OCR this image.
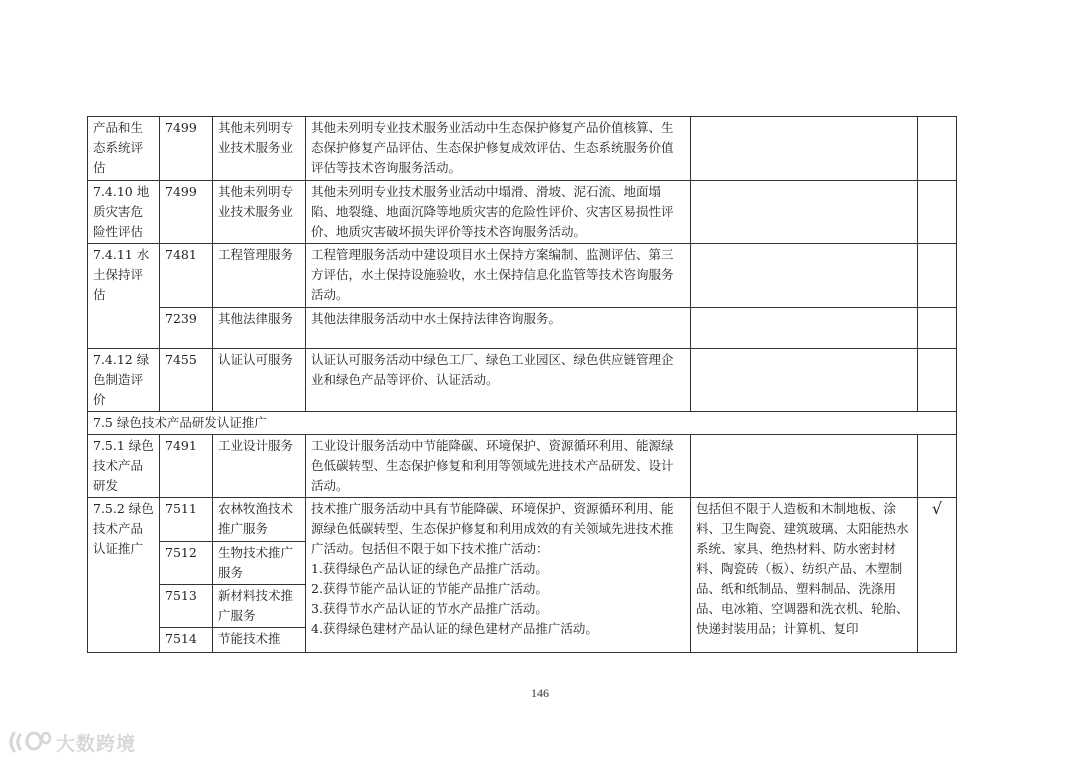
产品和生态系统评估	7499	其他未列明专业技术服务业	其他未列明专业技术服务业活动中生态保护修复产品价值核算、生态保护修复产品评估、生态保护修复成效评估、生态系统服务价值评估等技术咨询服务活动。		
7.4.10 地质灾害危险性评估	7499	其他未列明专业技术服务业	其他未列明专业技术服务业活动中塌滑、滑坡、泥石流、地面塌陷、地裂缝、地面沉降等地质灾害的危险性评价、灾害区易损性评价、地质灾害破坏损失评价等技术咨询服务活动。		
7.4.11 水土保持评估	7481	工程管理服务	工程管理服务活动中建设项目水土保持方案编制、监测评估、第三方评估，水土保持设施验收，水土保持信息化监管等技术咨询服务活动。		
	7239	其他法律服务	其他法律服务活动中水土保持法律咨询服务。		
7.4.12 绿色制造评价	7455	认证认可服务	认证认可服务活动中绿色工厂、绿色工业园区、绿色供应链管理企业和绿色产品等评价、认证活动。		
7.5 绿色技术产品研发认证推广					
7.5.1 绿色技术产品研发	7491	工业设计服务	工业设计服务活动中节能降碳、环境保护、资源循环利用、能源绿色低碳转型、生态保护修复和利用等领域先进技术产品研发、设计活动。		
7.5.2 绿色技术产品认证推广	7511	农林牧渔技术推广服务	技术推广服务活动中具有节能降碳、环境保护、资源循环利用、能源绿色低碳转型、生态保护修复和利用成效的有关领域先进技术推广活动。包括但不限于如下技术推广活动：
1.获得绿色产品认证的绿色产品推广活动。
2.获得节能产品认证的节能产品推广活动。
3.获得节水产品认证的节水产品推广活动。
4.获得绿色建材产品认证的绿色建材产品推广活动。	包括但不限于人造板和木制地板、涂料、卫生陶瓷、建筑玻璃、太阳能热水系统、家具、绝热材料、防水密封材料、陶瓷砖（板）、纺织产品、木塑制品、纸和纸制品、塑料制品、洗涤用品、电冰箱、空调器和洗衣机、轮胎、快递封装用品；计算机、复印	√
	7512	生物技术推广服务			
	7513	新材料技术推广服务			
	7514	节能技术推			
146
大数跨境
